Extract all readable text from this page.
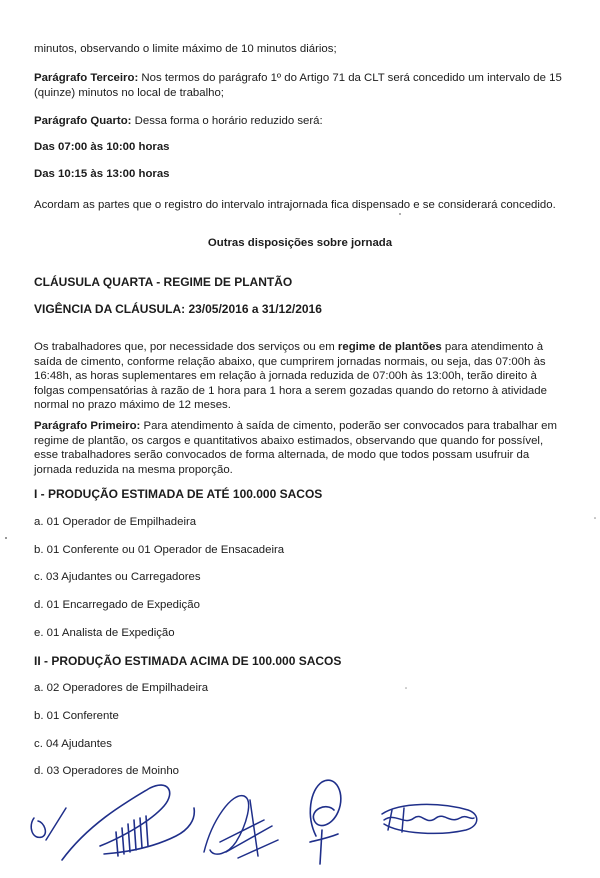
minutos, observando o limite máximo de 10 minutos diários;

Parágrafo Terceiro: Nos termos do parágrafo 1º do Artigo 71 da CLT será concedido um intervalo de 15 (quinze) minutos no local de trabalho;

Parágrafo Quarto: Dessa forma o horário reduzido será:

Das 07:00 às 10:00 horas

Das 10:15 às 13:00 horas

Acordam as partes que o registro do intervalo intrajornada fica dispensado e se considerará concedido.

Outras disposições sobre jornada

CLÁUSULA QUARTA - REGIME DE PLANTÃO

VIGÊNCIA DA CLÁUSULA: 23/05/2016 a 31/12/2016

Os trabalhadores que, por necessidade dos serviços ou em regime de plantões para atendimento à saída de cimento, conforme relação abaixo, que cumprirem jornadas normais, ou seja, das 07:00h às 16:48h, as horas suplementares em relação à jornada reduzida de 07:00h às 13:00h, terão direito à folgas compensatórias à razão de 1 hora para 1 hora a serem gozadas quando do retorno à atividade normal no prazo máximo de 12 meses.

Parágrafo Primeiro: Para atendimento à saída de cimento, poderão ser convocados para trabalhar em regime de plantão, os cargos e quantitativos abaixo estimados, observando que quando for possível, esse trabalhadores serão convocados de forma alternada, de modo que todos possam usufruir da jornada reduzida na mesma proporção.

I - PRODUÇÃO ESTIMADA DE ATÉ 100.000 SACOS

a. 01 Operador de Empilhadeira

b. 01 Conferente ou 01 Operador de Ensacadeira

c. 03 Ajudantes ou Carregadores

d. 01 Encarregado de Expedição

e. 01 Analista de Expedição

II - PRODUÇÃO ESTIMADA ACIMA DE 100.000 SACOS

a. 02 Operadores de Empilhadeira

b. 01 Conferente

c. 04 Ajudantes

d. 03 Operadores de Moinho
